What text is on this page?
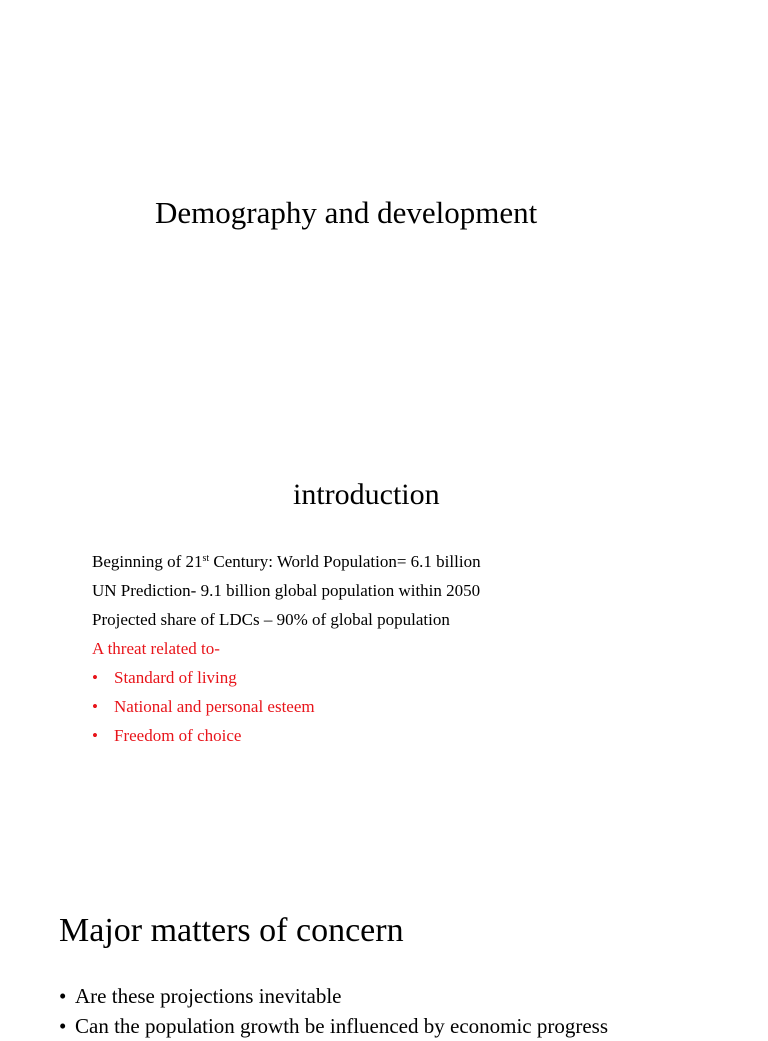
Demography and development
introduction
Beginning of 21st Century: World Population= 6.1 billion
UN Prediction- 9.1 billion global population within 2050
Projected share of LDCs – 90% of global population
A threat related to-
• Standard of living
• National and personal esteem
• Freedom of choice
Major matters of concern
• Are these projections inevitable
• Can the population growth be influenced by economic progress
